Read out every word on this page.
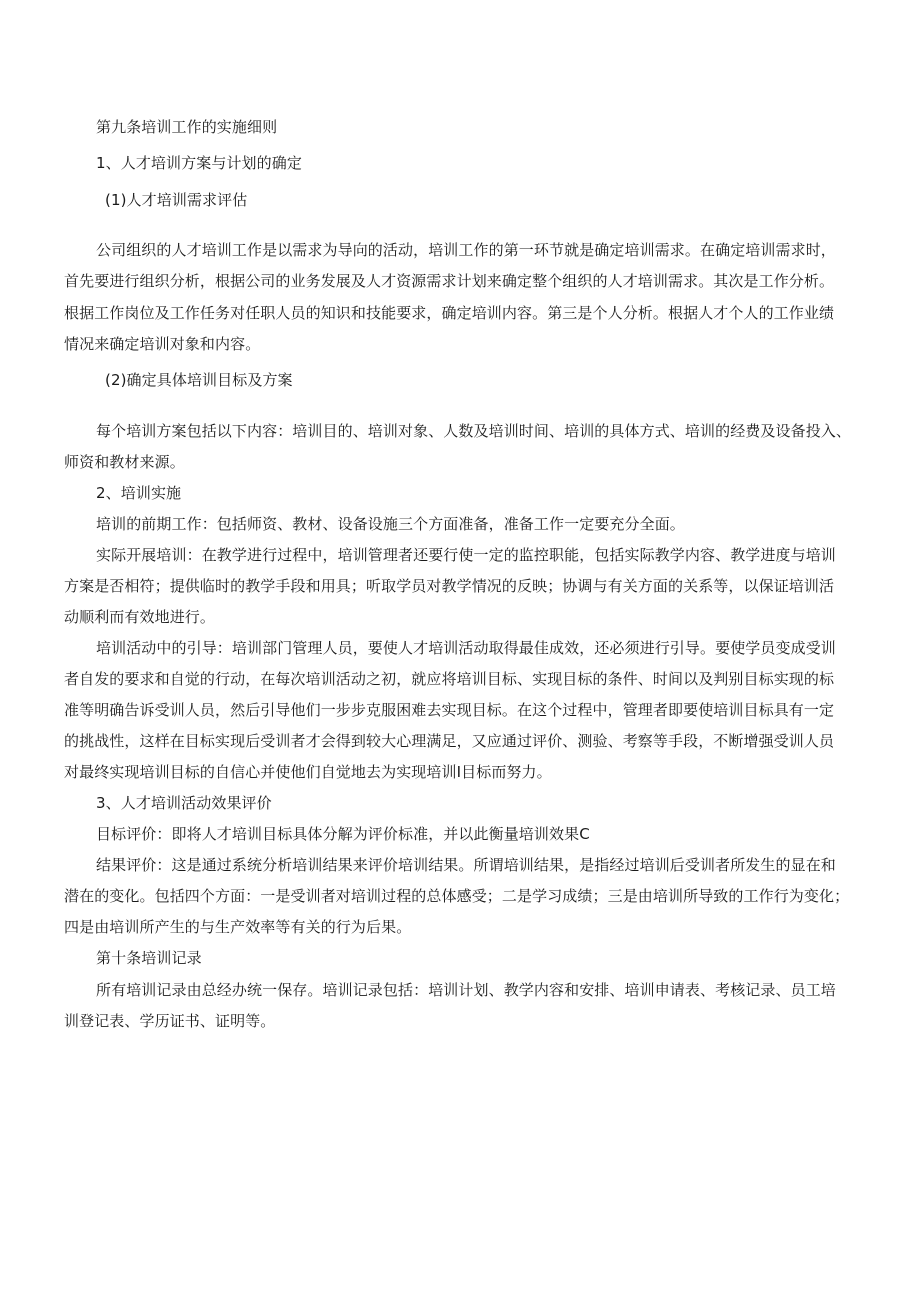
第九条培训工作的实施细则
1、人才培训方案与计划的确定
(1)人才培训需求评估
公司组织的人才培训工作是以需求为导向的活动，培训工作的第一环节就是确定培训需求。在确定培训需求时，
首先要进行组织分析，根据公司的业务发展及人才资源需求计划来确定整个组织的人才培训需求。其次是工作分析。
根据工作岗位及工作任务对任职人员的知识和技能要求，确定培训内容。第三是个人分析。根据人才个人的工作业绩
情况来确定培训对象和内容。
(2)确定具体培训目标及方案
每个培训方案包括以下内容：培训目的、培训对象、人数及培训时间、培训的具体方式、培训的经费及设备投入、
师资和教材来源。
2、培训实施
培训的前期工作：包括师资、教材、设备设施三个方面准备，准备工作一定要充分全面。
实际开展培训：在教学进行过程中，培训管理者还要行使一定的监控职能，包括实际教学内容、教学进度与培训
方案是否相符；提供临时的教学手段和用具；听取学员对教学情况的反映；协调与有关方面的关系等，以保证培训活
动顺利而有效地进行。
培训活动中的引导：培训部门管理人员，要使人才培训活动取得最佳成效，还必须进行引导。要使学员变成受训
者自发的要求和自觉的行动，在每次培训活动之初，就应将培训目标、实现目标的条件、时间以及判别目标实现的标
准等明确告诉受训人员，然后引导他们一步步克服困难去实现目标。在这个过程中，管理者即要使培训目标具有一定
的挑战性，这样在目标实现后受训者才会得到较大心理满足，又应通过评价、测验、考察等手段，不断增强受训人员
对最终实现培训目标的自信心并使他们自觉地去为实现培训I目标而努力。
3、人才培训活动效果评价
目标评价：即将人才培训目标具体分解为评价标准，并以此衡量培训效果C
结果评价：这是通过系统分析培训结果来评价培训结果。所谓培训结果，是指经过培训后受训者所发生的显在和
潜在的变化。包括四个方面：一是受训者对培训过程的总体感受；二是学习成绩；三是由培训所导致的工作行为变化；
四是由培训所产生的与生产效率等有关的行为后果。
第十条培训记录
所有培训记录由总经办统一保存。培训记录包括：培训计划、教学内容和安排、培训申请表、考核记录、员工培
训登记表、学历证书、证明等。
